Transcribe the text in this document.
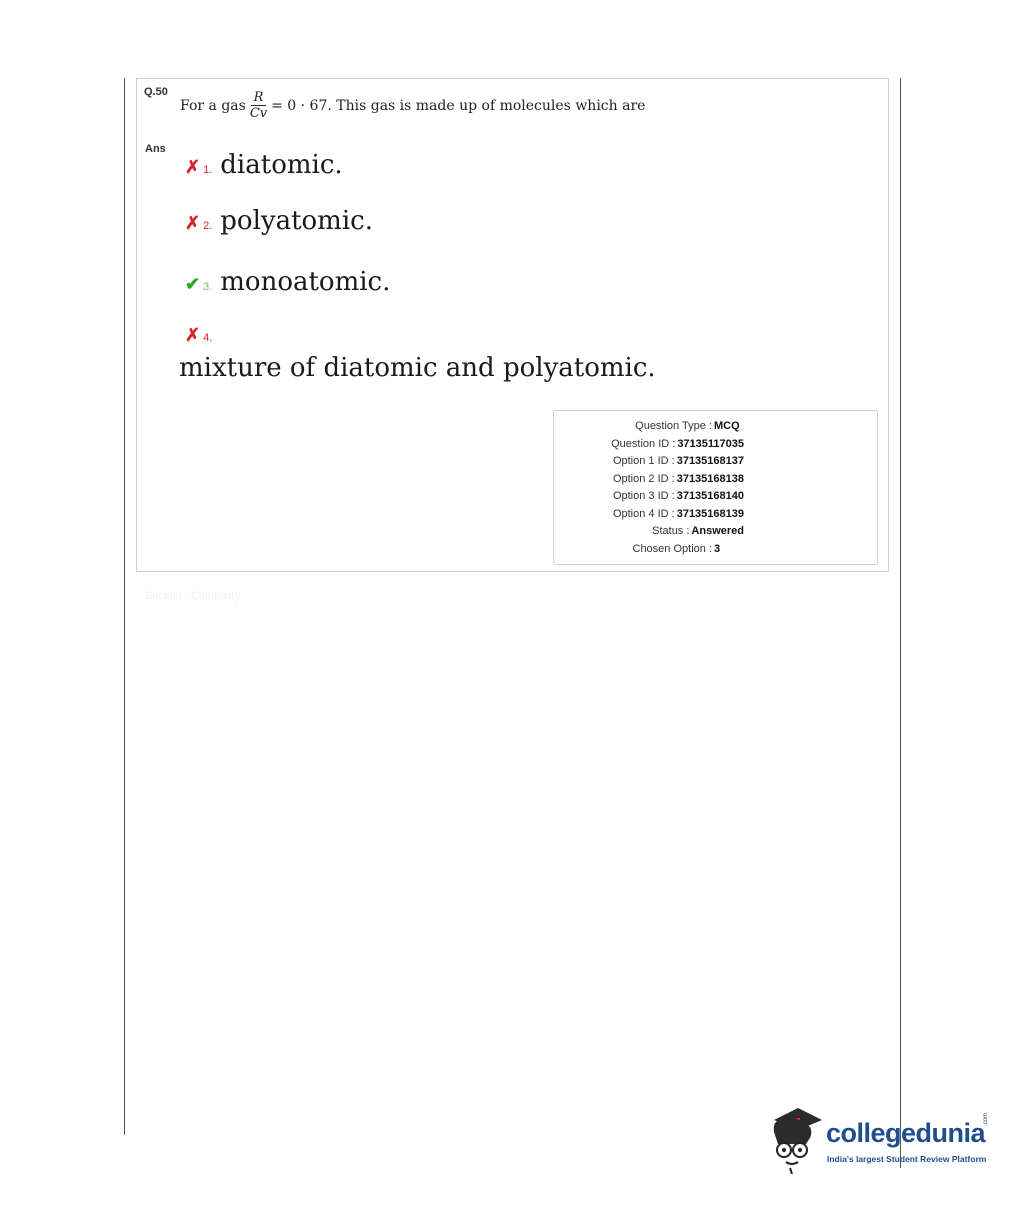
Q.50
Ans
For a gas $\frac{R}{Cv} = 0 \cdot 67$. This gas is made up of molecules which are
✗ 1. diatomic.
✗ 2. polyatomic.
✔ 3. monoatomic.
✗ 4.
mixture of diatomic and polyatomic.
Question Type : MCQ
Question ID : 37135117035
Option 1 ID : 37135168137
Option 2 ID : 37135168138
Option 3 ID : 37135168140
Option 4 ID : 37135168139
Status : Answered
Chosen Option : 3
Section : Chemistry
collegedunia
.com
India's largest Student Review Platform
